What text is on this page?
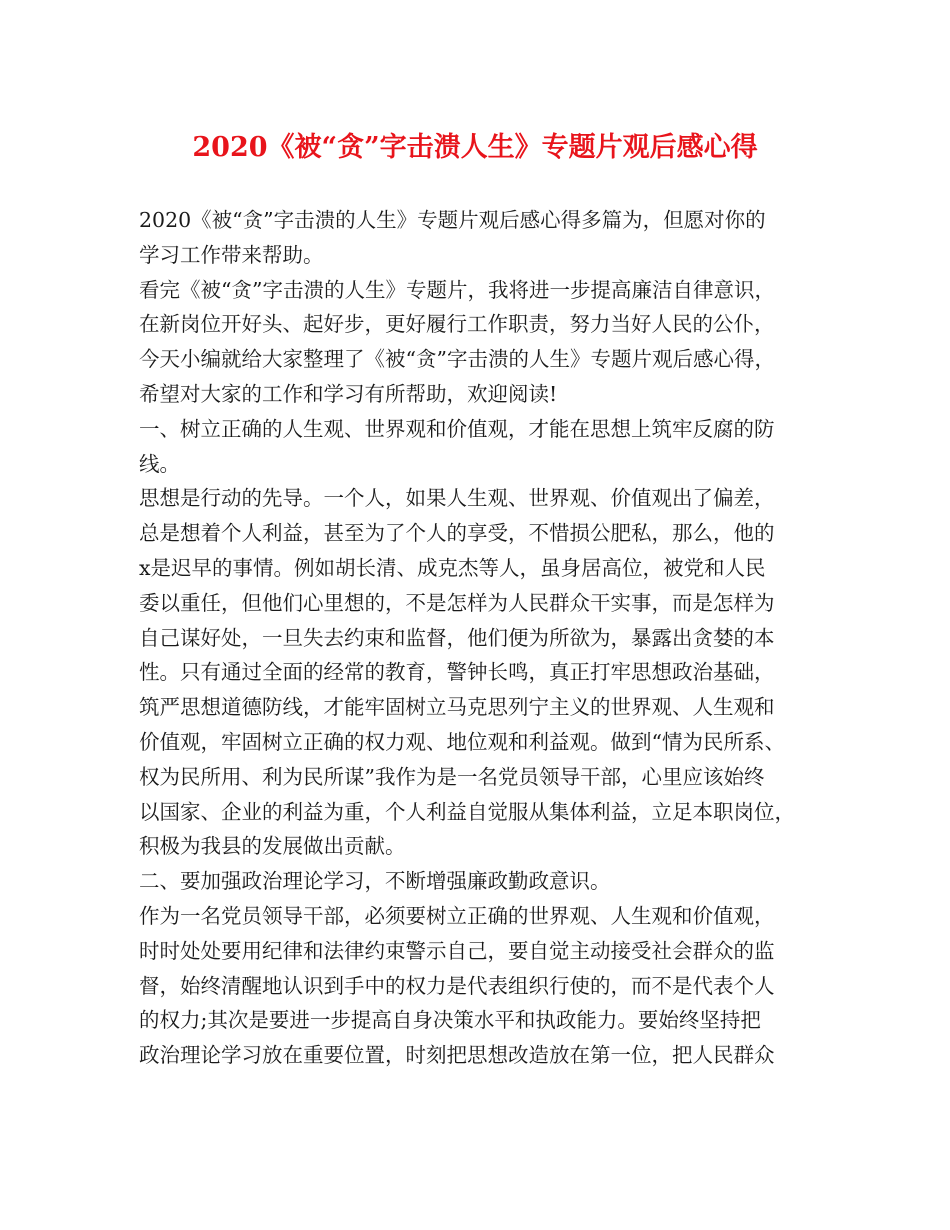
2020《被“贪”字击溃人生》专题片观后感心得
2020《被“贪”字击溃的人生》专题片观后感心得多篇为，但愿对你的
学习工作带来帮助。
看完《被“贪”字击溃的人生》专题片，我将进一步提高廉洁自律意识，
在新岗位开好头、起好步，更好履行工作职责，努力当好人民的公仆，
今天小编就给大家整理了《被“贪”字击溃的人生》专题片观后感心得，
希望对大家的工作和学习有所帮助，欢迎阅读!
一、树立正确的人生观、世界观和价值观，才能在思想上筑牢反腐的防
线。
思想是行动的先导。一个人，如果人生观、世界观、价值观出了偏差，
总是想着个人利益，甚至为了个人的享受，不惜损公肥私，那么，他的
x是迟早的事情。例如胡长清、成克杰等人，虽身居高位，被党和人民
委以重任，但他们心里想的，不是怎样为人民群众干实事，而是怎样为
自己谋好处，一旦失去约束和监督，他们便为所欲为，暴露出贪婪的本
性。只有通过全面的经常的教育，警钟长鸣，真正打牢思想政治基础，
筑严思想道德防线，才能牢固树立马克思列宁主义的世界观、人生观和
价值观，牢固树立正确的权力观、地位观和利益观。做到“情为民所系、
权为民所用、利为民所谋”我作为是一名党员领导干部，心里应该始终
以国家、企业的利益为重，个人利益自觉服从集体利益，立足本职岗位，
积极为我县的发展做出贡献。
二、要加强政治理论学习，不断增强廉政勤政意识。
作为一名党员领导干部，必须要树立正确的世界观、人生观和价值观，
时时处处要用纪律和法律约束警示自己，要自觉主动接受社会群众的监
督，始终清醒地认识到手中的权力是代表组织行使的，而不是代表个人
的权力;其次是要进一步提高自身决策水平和执政能力。要始终坚持把
政治理论学习放在重要位置，时刻把思想改造放在第一位，把人民群众
